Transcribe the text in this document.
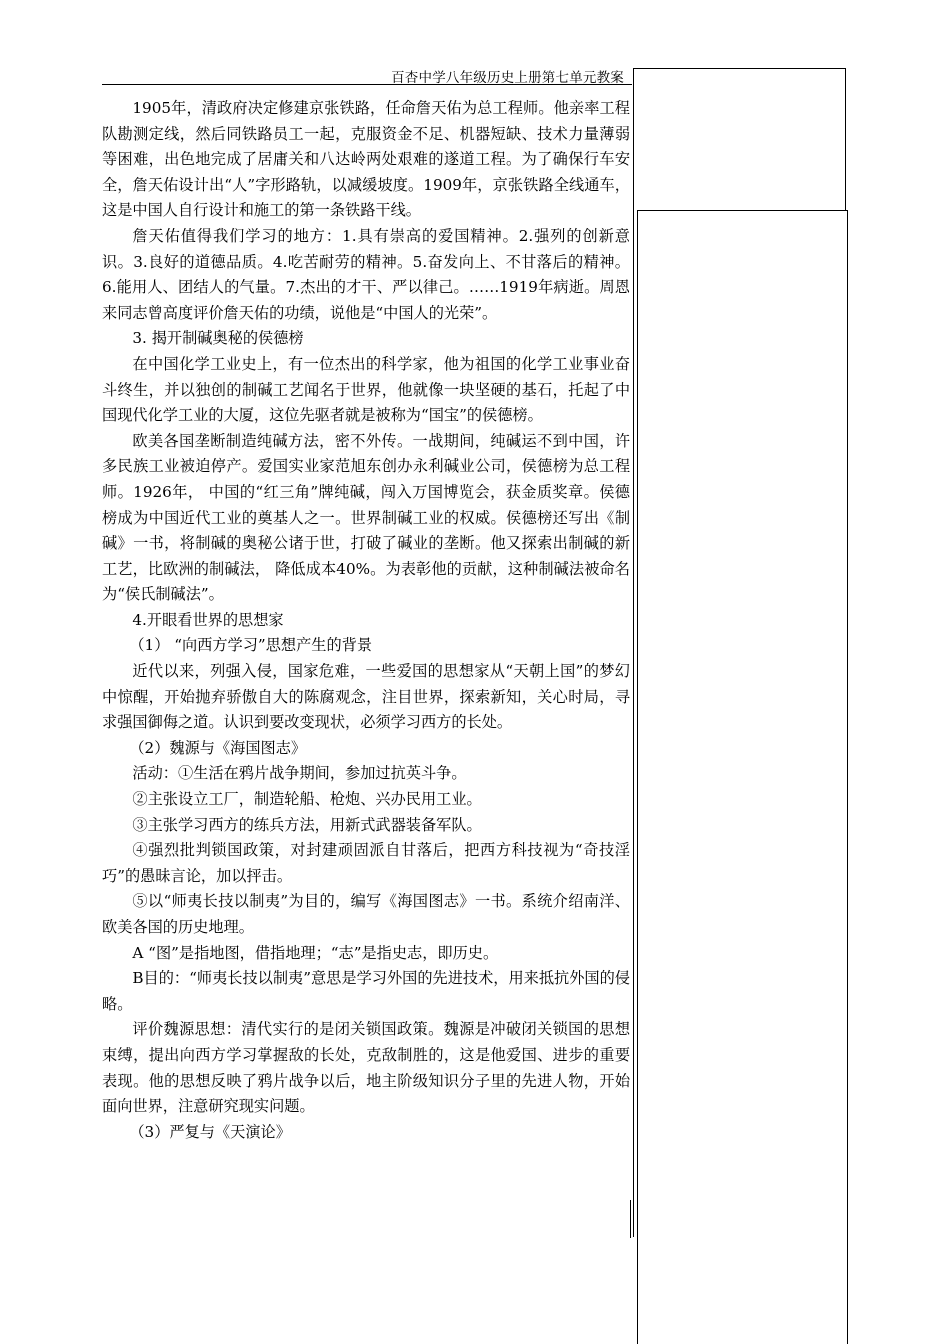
百杏中学八年级历史上册第七单元教案

1905年，清政府决定修建京张铁路，任命詹天佑为总工程师。他亲率工程队勘测定线，然后同铁路员工一起，克服资金不足、机器短缺、技术力量薄弱等困难，出色地完成了居庸关和八达岭两处艰难的遂道工程。为了确保行车安全，詹天佑设计出“人”字形路轨，以减缓坡度。1909年，京张铁路全线通车，这是中国人自行设计和施工的第一条铁路干线。

詹天佑值得我们学习的地方：1.具有崇高的爱国精神。2.强列的创新意识。3.良好的道德品质。4.吃苦耐劳的精神。5.奋发向上、不甘落后的精神。6.能用人、团结人的气量。7.杰出的才干、严以律己。……1919年病逝。周恩来同志曾高度评价詹天佑的功绩，说他是“中国人的光荣”。

3. 揭开制碱奥秘的侯德榜

在中国化学工业史上，有一位杰出的科学家，他为祖国的化学工业事业奋斗终生，并以独创的制碱工艺闻名于世界，他就像一块坚硬的基石，托起了中国现代化学工业的大厦，这位先驱者就是被称为“国宝”的侯德榜。

欧美各国垄断制造纯碱方法，密不外传。一战期间，纯碱运不到中国，许多民族工业被迫停产。爱国实业家范旭东创办永利碱业公司，侯德榜为总工程师。1926年， 中国的“红三角”牌纯碱，闯入万国博览会，获金质奖章。侯德榜成为中国近代工业的奠基人之一。世界制碱工业的权威。侯德榜还写出《制碱》一书，将制碱的奥秘公诸于世，打破了碱业的垄断。他又探索出制碱的新工艺，比欧洲的制碱法， 降低成本40%。为表彰他的贡献，这种制碱法被命名为“侯氏制碱法”。

4.开眼看世界的思想家

（1） “向西方学习”思想产生的背景

近代以来，列强入侵，国家危难，一些爱国的思想家从“天朝上国”的梦幻中惊醒，开始抛弃骄傲自大的陈腐观念，注目世界，探索新知，关心时局，寻求强国御侮之道。认识到要改变现状，必须学习西方的长处。

（2）魏源与《海国图志》

活动：①生活在鸦片战争期间，参加过抗英斗争。

②主张设立工厂，制造轮船、枪炮、兴办民用工业。

③主张学习西方的练兵方法，用新式武器装备军队。

④强烈批判锁国政策，对封建顽固派自甘落后，把西方科技视为“奇技淫巧”的愚昧言论，加以抨击。

⑤以“师夷长技以制夷”为目的，编写《海国图志》一书。系统介绍南洋、欧美各国的历史地理。

A “图”是指地图，借指地理；“志”是指史志，即历史。

B目的：“师夷长技以制夷”意思是学习外国的先进技术，用来抵抗外国的侵略。

评价魏源思想：清代实行的是闭关锁国政策。魏源是冲破闭关锁国的思想束缚，提出向西方学习掌握敌的长处，克敌制胜的，这是他爱国、进步的重要表现。他的思想反映了鸦片战争以后，地主阶级知识分子里的先进人物，开始面向世界，注意研究现实问题。

（3）严复与《天演论》
